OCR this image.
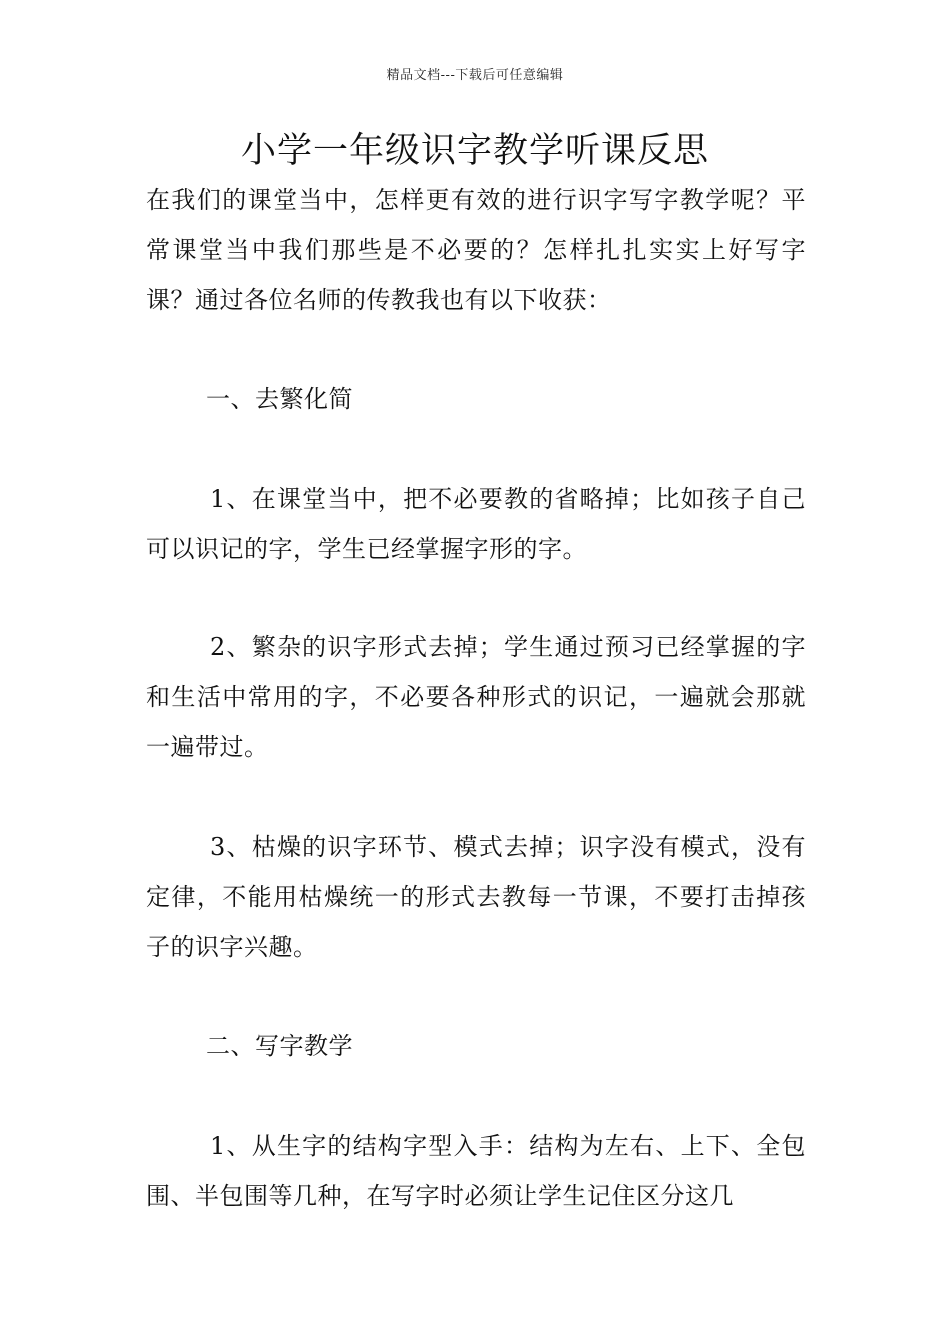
精品文档---下载后可任意编辑
小学一年级识字教学听课反思

在我们的课堂当中，怎样更有效的进行识字写字教学呢？平常课堂当中我们那些是不必要的？怎样扎扎实实上好写字课？通过各位名师的传教我也有以下收获：

一、去繁化简

1、在课堂当中，把不必要教的省略掉；比如孩子自己可以识记的字，学生已经掌握字形的字。

2、繁杂的识字形式去掉；学生通过预习已经掌握的字和生活中常用的字，不必要各种形式的识记，一遍就会那就一遍带过。

3、枯燥的识字环节、模式去掉；识字没有模式，没有定律，不能用枯燥统一的形式去教每一节课，不要打击掉孩子的识字兴趣。

二、写字教学

1、从生字的结构字型入手：结构为左右、上下、全包围、半包围等几种，在写字时必须让学生记住区分这几
